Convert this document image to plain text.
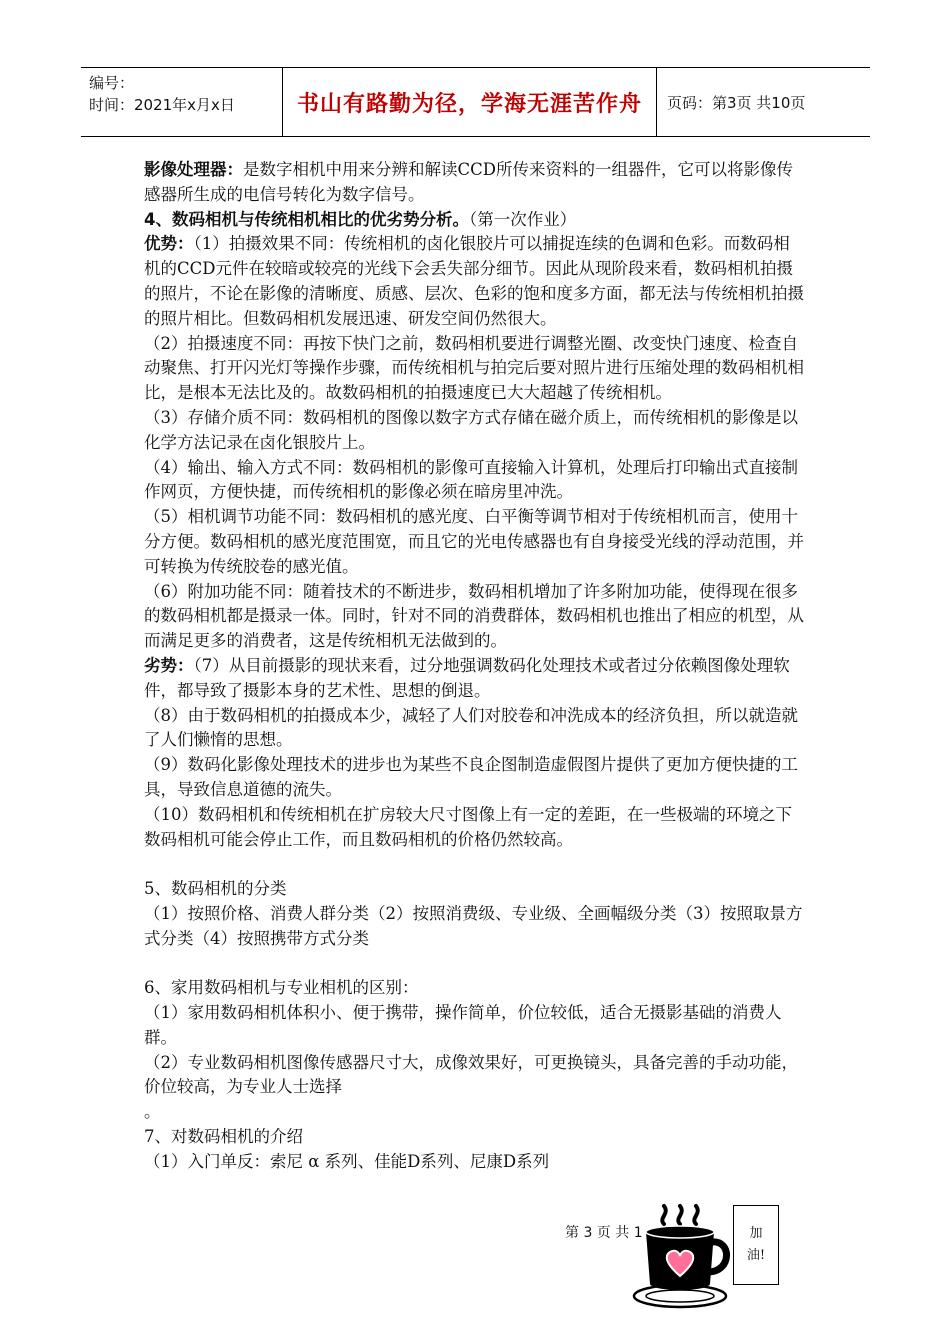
编号：
时间：2021年x月x日	书山有路勤为径，学海无涯苦作舟	页码：第3页 共10页

影像处理器：是数字相机中用来分辨和解读CCD所传来资料的一组器件，它可以将影像传感器所生成的电信号转化为数字信号。

4、数码相机与传统相机相比的优劣势分析。（第一次作业）

优势：（1）拍摄效果不同：传统相机的卤化银胶片可以捕捉连续的色调和色彩。而数码相机的CCD元件在较暗或较亮的光线下会丢失部分细节。因此从现阶段来看，数码相机拍摄的照片，不论在影像的清晰度、质感、层次、色彩的饱和度多方面，都无法与传统相机拍摄的照片相比。但数码相机发展迅速、研发空间仍然很大。

（2）拍摄速度不同：再按下快门之前，数码相机要进行调整光圈、改变快门速度、检查自动聚焦、打开闪光灯等操作步骤，而传统相机与拍完后要对照片进行压缩处理的数码相机相比，是根本无法比及的。故数码相机的拍摄速度已大大超越了传统相机。

（3）存储介质不同：数码相机的图像以数字方式存储在磁介质上，而传统相机的影像是以化学方法记录在卤化银胶片上。

（4）输出、输入方式不同：数码相机的影像可直接输入计算机，处理后打印输出式直接制作网页，方便快捷，而传统相机的影像必须在暗房里冲洗。

（5）相机调节功能不同：数码相机的感光度、白平衡等调节相对于传统相机而言，使用十分方便。数码相机的感光度范围宽，而且它的光电传感器也有自身接受光线的浮动范围，并可转换为传统胶卷的感光值。

（6）附加功能不同：随着技术的不断进步，数码相机增加了许多附加功能，使得现在很多的数码相机都是摄录一体。同时，针对不同的消费群体，数码相机也推出了相应的机型，从而满足更多的消费者，这是传统相机无法做到的。

劣势：（7）从目前摄影的现状来看，过分地强调数码化处理技术或者过分依赖图像处理软件，都导致了摄影本身的艺术性、思想的倒退。

（8）由于数码相机的拍摄成本少，减轻了人们对胶卷和冲洗成本的经济负担，所以就造就了人们懒惰的思想。

（9）数码化影像处理技术的进步也为某些不良企图制造虚假图片提供了更加方便快捷的工具，导致信息道德的流失。

（10）数码相机和传统相机在扩房较大尺寸图像上有一定的差距，在一些极端的环境之下数码相机可能会停止工作，而且数码相机的价格仍然较高。

5、数码相机的分类

（1）按照价格、消费人群分类（2）按照消费级、专业级、全画幅级分类（3）按照取景方式分类（4）按照携带方式分类

6、家用数码相机与专业相机的区别：

（1）家用数码相机体积小、便于携带，操作简单，价位较低，适合无摄影基础的消费人群。

（2）专业数码相机图像传感器尺寸大，成像效果好，可更换镜头，具备完善的手动功能，价位较高，为专业人士选择

。

7、对数码相机的介绍

（1）入门单反：索尼 α 系列、佳能D系列、尼康D系列

第 3 页 共 1	加
油!
